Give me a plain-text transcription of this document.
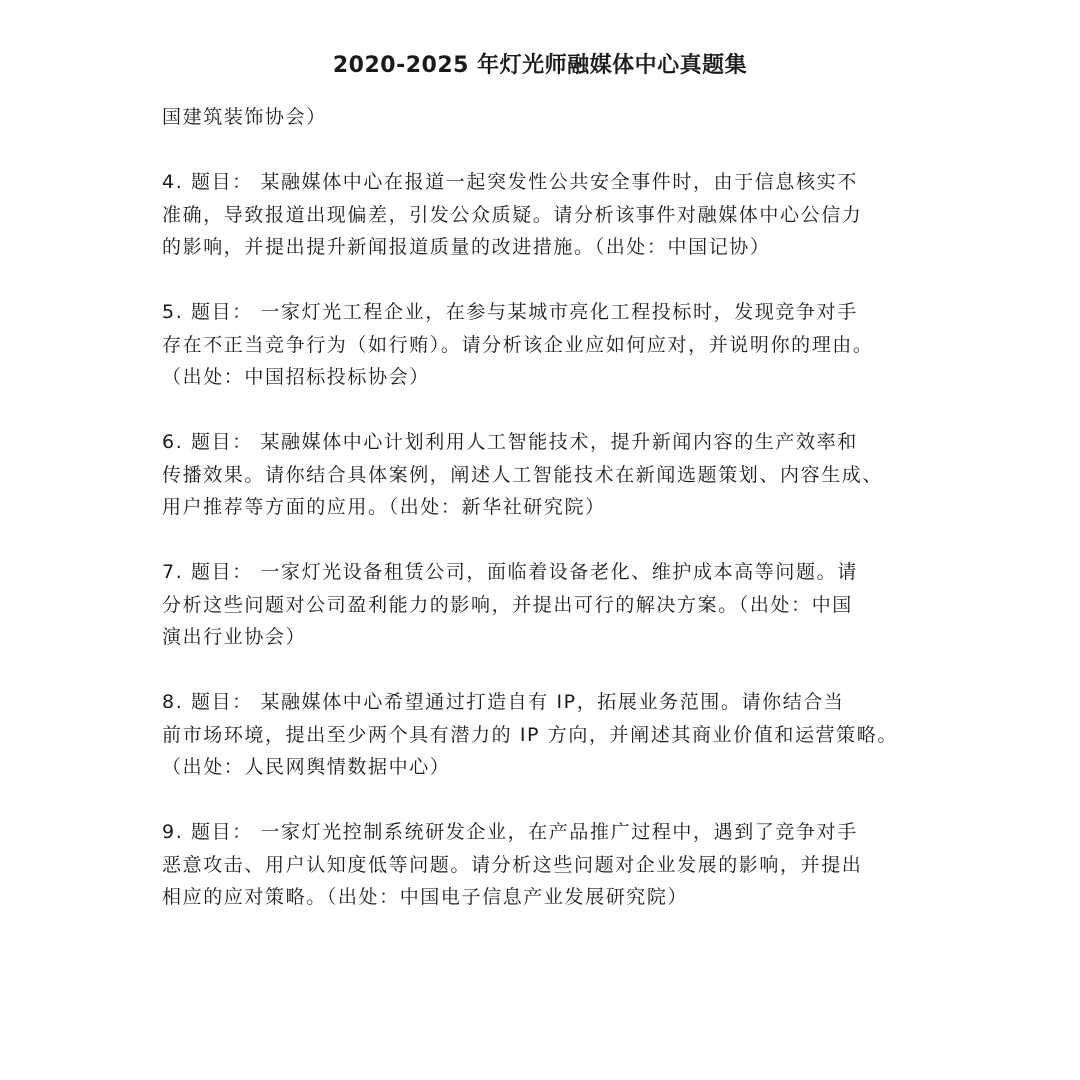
2020-2025 年灯光师融媒体中心真题集
国建筑装饰协会）
4. 题目： 某融媒体中心在报道一起突发性公共安全事件时，由于信息核实不
准确，导致报道出现偏差，引发公众质疑。请分析该事件对融媒体中心公信力
的影响，并提出提升新闻报道质量的改进措施。（出处：中国记协）
5. 题目： 一家灯光工程企业，在参与某城市亮化工程投标时，发现竞争对手
存在不正当竞争行为（如行贿）。请分析该企业应如何应对，并说明你的理由。
（出处：中国招标投标协会）
6. 题目： 某融媒体中心计划利用人工智能技术，提升新闻内容的生产效率和
传播效果。请你结合具体案例，阐述人工智能技术在新闻选题策划、内容生成、
用户推荐等方面的应用。（出处：新华社研究院）
7. 题目： 一家灯光设备租赁公司，面临着设备老化、维护成本高等问题。请
分析这些问题对公司盈利能力的影响，并提出可行的解决方案。（出处：中国
演出行业协会）
8. 题目： 某融媒体中心希望通过打造自有 IP，拓展业务范围。请你结合当
前市场环境，提出至少两个具有潜力的 IP 方向，并阐述其商业价值和运营策略。
（出处：人民网舆情数据中心）
9. 题目： 一家灯光控制系统研发企业，在产品推广过程中，遇到了竞争对手
恶意攻击、用户认知度低等问题。请分析这些问题对企业发展的影响，并提出
相应的应对策略。（出处：中国电子信息产业发展研究院）
